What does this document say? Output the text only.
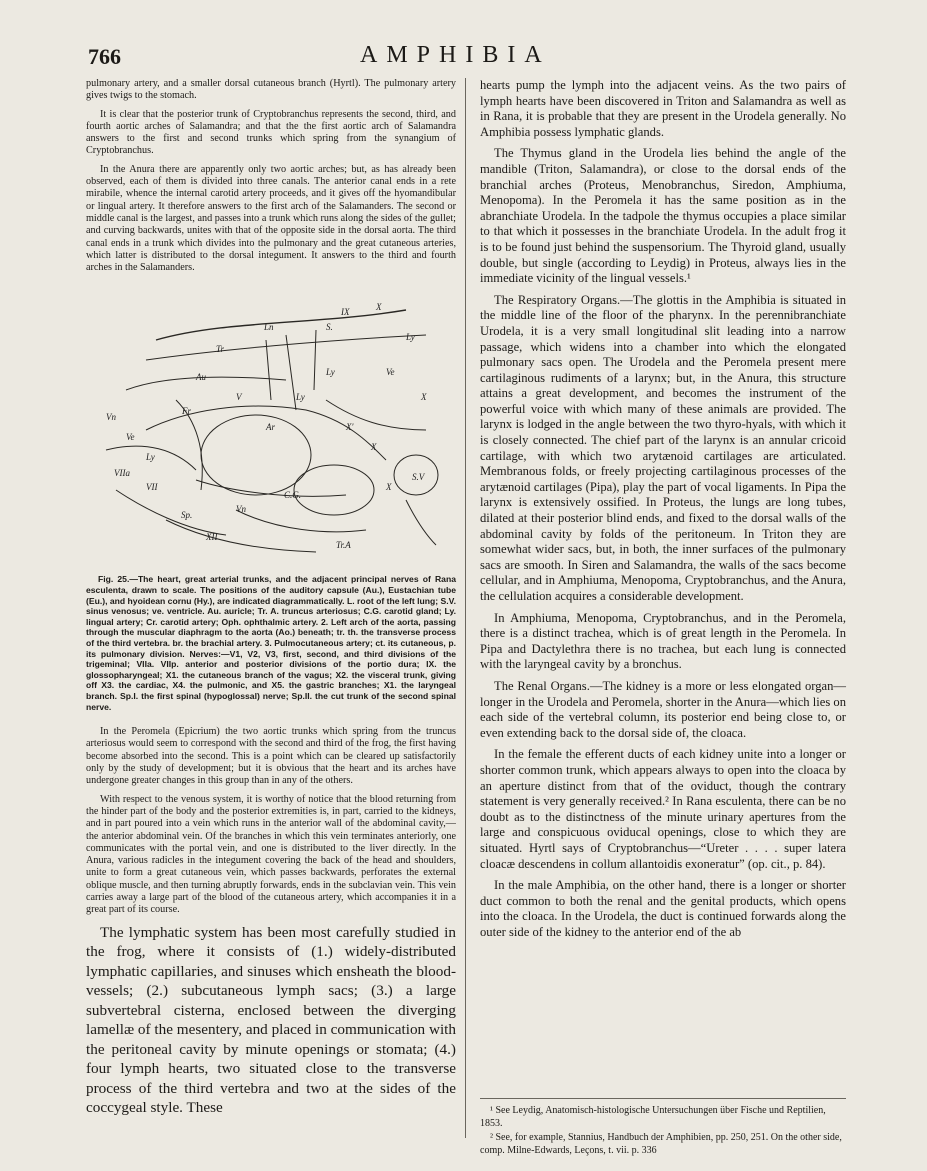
766	AMPHIBIA

pulmonary artery, and a smaller dorsal cutaneous branch (Hyrtl). The pulmonary artery gives twigs to the stomach.

It is clear that the posterior trunk of Cryptobranchus represents the second, third, and fourth aortic arches of Salamandra; and that the the first aortic arch of Salamandra answers to the first and second trunks which spring from the synangium of Cryptobranchus.

In the Anura there are apparently only two aortic arches; but, as has already been observed, each of them is divided into three canals. The anterior canal ends in a rete mirabile, whence the internal carotid artery proceeds, and it gives off the hyomandibular or lingual artery. It therefore answers to the first arch of the Salamanders. The second or middle canal is the largest, and passes into a trunk which runs along the sides of the gullet; and curving backwards, unites with that of the opposite side in the dorsal aorta. The third canal ends in a trunk which divides into the pulmonary and the great cutaneous arteries, which latter is distributed to the dorsal integument. It answers to the third and fourth arches in the Salamanders.

Ln
Fr
S.
IX	X
Tr
Ve
V
Ly
Vn
Ar
VIIa
VII
Ly
Au
Ly
Sp.
C.G.
Vn
S.V
Tr.A
X'
X
XII
X
Ly	Ve
X

Fig. 25.—The heart, great arterial trunks, and the adjacent principal nerves of Rana esculenta, drawn to scale. The positions of the auditory capsule (Au.), Eustachian tube (Eu.), and hyoidean cornu (Hy.), are indicated diagrammatically. L. root of the left lung; S.V. sinus venosus; ve. ventricle. Au. auricle; Tr. A. truncus arteriosus; C.G. carotid gland; Ly. lingual artery; Cr. carotid artery; Oph. ophthalmic artery. 2. Left arch of the aorta, passing through the muscular diaphragm to the aorta (Ao.) beneath; tr. th. the transverse process of the third vertebra. br. the brachial artery. 3. Pulmocutaneous artery; ct. its cutaneous, p. its pulmonary division. Nerves:—V1, V2, V3, first, second, and third divisions of the trigeminal; VIIa. VIIp. anterior and posterior divisions of the portio dura; IX. the glossopharyngeal; X1. the cutaneous branch of the vagus; X2. the visceral trunk, giving off X3. the cardiac, X4. the pulmonic, and X5. the gastric branches; X1. the laryngeal branch. Sp.I. the first spinal (hypoglossal) nerve; Sp.II. the cut trunk of the second spinal nerve.

In the Peromela (Epicrium) the two aortic trunks which spring from the truncus arteriosus would seem to correspond with the second and third of the frog, the first having become absorbed into the second. This is a point which can be cleared up satisfactorily only by the study of development; but it is obvious that the heart and its arches have undergone greater changes in this group than in any of the others.

With respect to the venous system, it is worthy of notice that the blood returning from the hinder part of the body and the posterior extremities is, in part, carried to the kidneys, and in part poured into a vein which runs in the anterior wall of the abdominal cavity,—the anterior abdominal vein. Of the branches in which this vein terminates anteriorly, one communicates with the portal vein, and one is distributed to the liver directly. In the Anura, various radicles in the integument covering the back of the head and shoulders, unite to form a great cutaneous vein, which passes backwards, perforates the external oblique muscle, and then turning abruptly forwards, ends in the subclavian vein. This vein carries away a large part of the blood of the cutaneous artery, which accompanies it in a great part of its course.

The lymphatic system has been most carefully studied in the frog, where it consists of (1.) widely-distributed lymphatic capillaries, and sinuses which ensheath the blood-vessels; (2.) subcutaneous lymph sacs; (3.) a large subvertebral cisterna, enclosed between the diverging lamellæ of the mesentery, and placed in communication with the peritoneal cavity by minute openings or stomata; (4.) four lymph hearts, two situated close to the transverse process of the third vertebra and two at the sides of the coccygeal style. These

hearts pump the lymph into the adjacent veins. As the two pairs of lymph hearts have been discovered in Triton and Salamandra as well as in Rana, it is probable that they are present in the Urodela generally. No Amphibia possess lymphatic glands.

The Thymus gland in the Urodela lies behind the angle of the mandible (Triton, Salamandra), or close to the dorsal ends of the branchial arches (Proteus, Menobranchus, Siredon, Amphiuma, Menopoma). In the Peromela it has the same position as in the abranchiate Urodela. In the tadpole the thymus occupies a place similar to that which it possesses in the branchiate Urodela. In the adult frog it is to be found just behind the suspensorium. The Thyroid gland, usually double, but single (according to Leydig) in Proteus, always lies in the immediate vicinity of the lingual vessels.¹

The Respiratory Organs.—The glottis in the Amphibia is situated in the middle line of the floor of the pharynx. In the perennibranchiate Urodela, it is a very small longitudinal slit leading into a narrow passage, which widens into a chamber into which the elongated pulmonary sacs open. The Urodela and the Peromela present mere cartilaginous rudiments of a larynx; but, in the Anura, this structure attains a great development, and becomes the instrument of the powerful voice with which many of these animals are provided. The larynx is lodged in the angle between the two thyro-hyals, with which it is closely connected. The chief part of the larynx is an annular cricoid cartilage, with which two arytænoid cartilages are articulated. Membranous folds, or freely projecting cartilaginous processes of the arytænoid cartilages (Pipa), play the part of vocal ligaments. In Pipa the larynx is extensively ossified. In Proteus, the lungs are long tubes, dilated at their posterior blind ends, and fixed to the dorsal walls of the abdominal cavity by folds of the peritoneum. In Triton they are somewhat wider sacs, but, in both, the inner surfaces of the pulmonary sacs are smooth. In Siren and Salamandra, the walls of the sacs become cellular, and in Amphiuma, Menopoma, Cryptobranchus, and the Anura, the cellulation acquires a considerable development.

In Amphiuma, Menopoma, Cryptobranchus, and in the Peromela, there is a distinct trachea, which is of great length in the Peromela. In Pipa and Dactylethra there is no trachea, but each lung is connected with the laryngeal cavity by a bronchus.

The Renal Organs.—The kidney is a more or less elongated organ—longer in the Urodela and Peromela, shorter in the Anura—which lies on each side of the vertebral column, its posterior end being close to, or even extending back to the dorsal side of, the cloaca.

In the female the efferent ducts of each kidney unite into a longer or shorter common trunk, which appears always to open into the cloaca by an aperture distinct from that of the oviduct, though the contrary statement is very generally received.² In Rana esculenta, there can be no doubt as to the distinctness of the minute urinary apertures from the large and conspicuous oviducal openings, close to which they are situated. Hyrtl says of Cryptobranchus—“Ureter . . . . super latera cloacæ descendens in collum allantoidis exoneratur” (op. cit., p. 84).

In the male Amphibia, on the other hand, there is a longer or shorter duct common to both the renal and the genital products, which opens into the cloaca. In the Urodela, the duct is continued forwards along the outer side of the kidney to the anterior end of the ab

¹ See Leydig, Anatomisch-histologische Untersuchungen über Fische und Reptilien, 1853.

² See, for example, Stannius, Handbuch der Amphibien, pp. 250, 251. On the other side, comp. Milne-Edwards, Leçons, t. vii. p. 336
